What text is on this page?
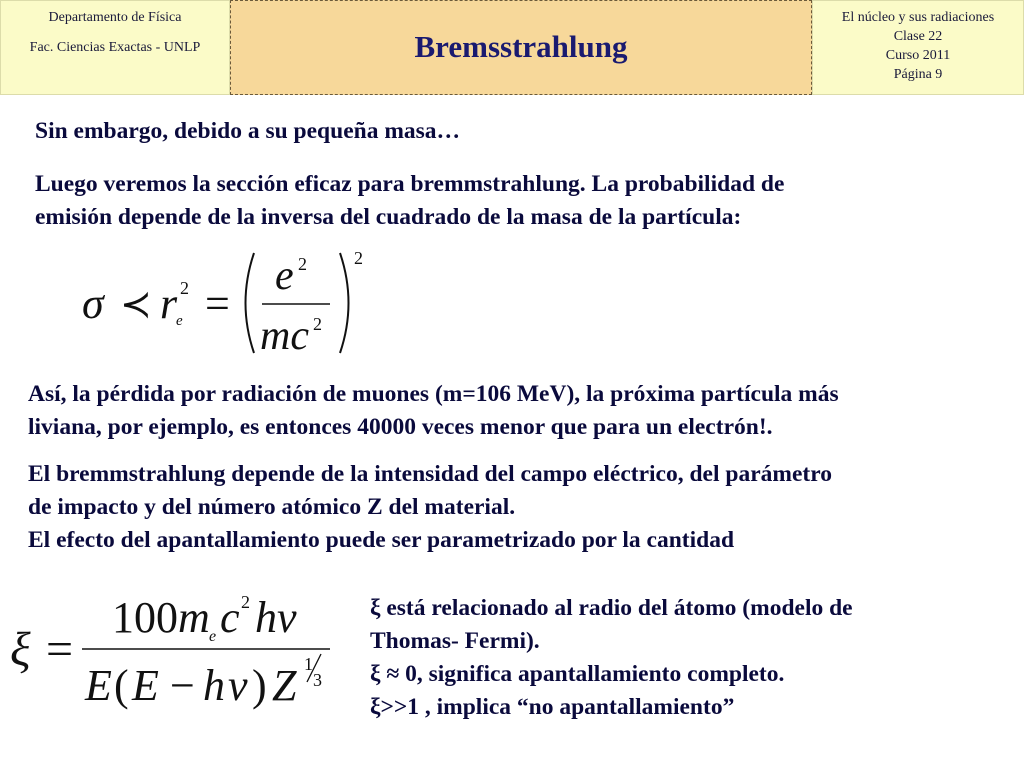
Departamento de Física
Fac. Ciencias Exactas - UNLP	Bremsstrahlung
El núcleo y sus radiaciones
Clase 22
Curso 2011
Página 9
Sin embargo, debido a su pequeña masa…
Luego veremos la sección eficaz para bremmstrahlung. La probabilidad de
emisión depende de la inversa del cuadrado de la masa de la partícula:
σ ≺ r 2
e =
e 2
mc 2
2
Así, la pérdida por radiación de muones (m=106 MeV), la próxima partícula más
liviana, por ejemplo, es entonces 40000 veces menor que para un electrón!.
El bremmstrahlung depende de la intensidad del campo eléctrico, del parámetro
de impacto y del número atómico Z del material.
El efecto del apantallamiento puede ser parametrizado por la cantidad
ξ =
100 m e c 2 hv
E ( E − h ν ) Z 1
3
ξ está relacionado al radio del átomo (modelo de
Thomas- Fermi).
ξ ≈ 0, significa apantallamiento completo.
ξ>>1 , implica “no apantallamiento”
